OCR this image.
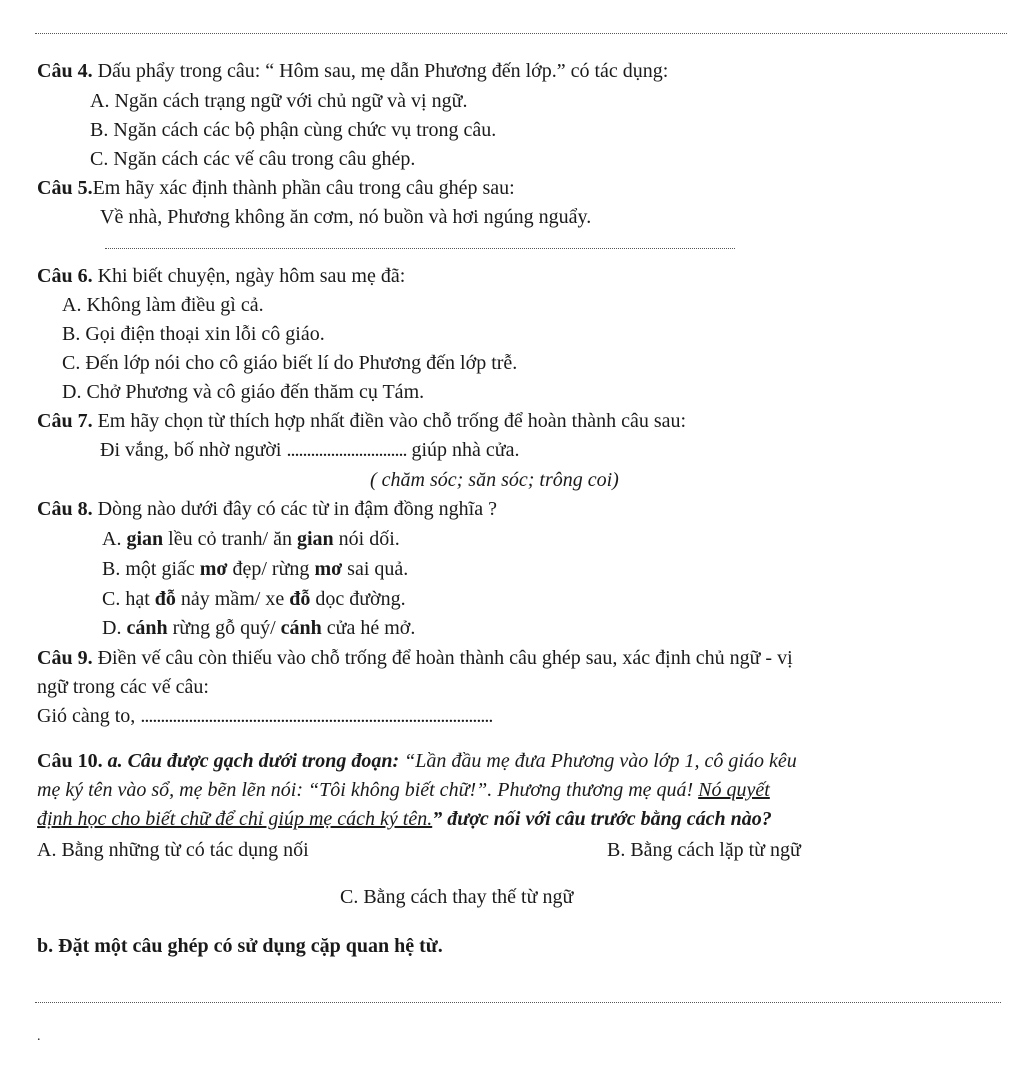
Câu 4. Dấu phẩy trong câu: “ Hôm sau, mẹ dẫn Phương đến lớp.” có tác dụng:
A. Ngăn cách trạng ngữ với chủ ngữ và vị ngữ.
B. Ngăn cách các bộ phận cùng chức vụ trong câu.
C. Ngăn cách các vế câu trong câu ghép.
Câu 5.Em hãy xác định thành phần câu trong câu ghép sau:
Về nhà, Phương không ăn cơm, nó buồn và hơi ngúng nguẩy.
Câu 6. Khi biết chuyện, ngày hôm sau mẹ đã:
A. Không làm điều gì cả.
B. Gọi điện thoại xin lỗi cô giáo.
C. Đến lớp nói cho cô giáo biết lí do Phương đến lớp trễ.
D. Chở Phương và cô giáo đến thăm cụ Tám.
Câu 7. Em hãy chọn từ thích hợp nhất điền vào chỗ trống để hoàn thành câu sau:
Đi vắng, bố nhờ người .............................. giúp nhà cửa.
( chăm sóc; săn sóc; trông coi)
Câu 8. Dòng nào dưới đây có các từ in đậm đồng nghĩa ?
A. gian lều cỏ tranh/ ăn gian nói dối.
B. một giấc mơ đẹp/ rừng mơ sai quả.
C. hạt đỗ nảy mầm/ xe đỗ dọc đường.
D. cánh rừng gỗ quý/ cánh cửa hé mở.
Câu 9. Điền vế câu còn thiếu vào chỗ trống để hoàn thành câu ghép sau, xác định chủ ngữ - vị
ngữ trong các vế câu:
Gió càng to, ........................................................................................
Câu 10. a. Câu được gạch dưới trong đoạn: “Lần đầu mẹ đưa Phương vào lớp 1, cô giáo kêu
mẹ ký tên vào sổ, mẹ bẽn lẽn nói: “Tôi không biết chữ!”. Phương thương mẹ quá! Nó quyết
định học cho biết chữ để chỉ giúp mẹ cách ký tên.” được nối với câu trước bằng cách nào?
A. Bằng những từ có tác dụng nối	B. Bằng cách lặp từ ngữ
C. Bằng cách thay thế từ ngữ
b. Đặt một câu ghép có sử dụng cặp quan hệ từ.
.
